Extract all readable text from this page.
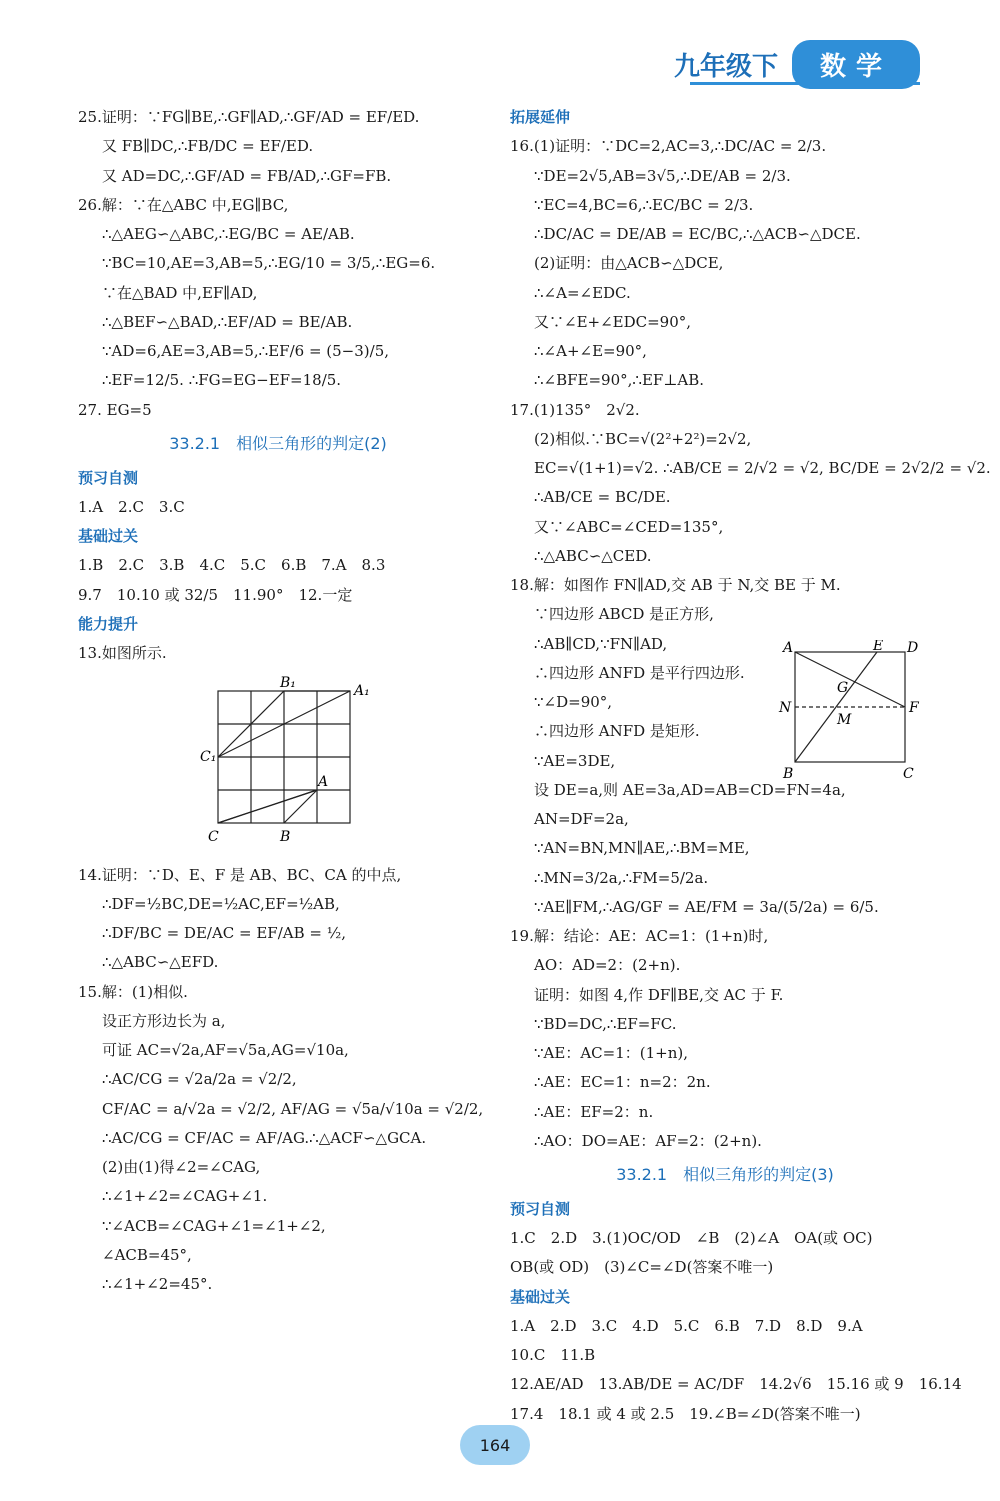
九年级下	数学
25.证明：∵FG∥BE,∴GF∥AD,∴GF/AD = EF/ED.
又 FB∥DC,∴FB/DC = EF/ED.
又 AD=DC,∴GF/AD = FB/AD,∴GF=FB.
26.解：∵在△ABC 中,EG∥BC,
∴△AEG∽△ABC,∴EG/BC = AE/AB.
∵BC=10,AE=3,AB=5,∴EG/10 = 3/5,∴EG=6.
∵在△BAD 中,EF∥AD,
∴△BEF∽△BAD,∴EF/AD = BE/AB.
∵AD=6,AE=3,AB=5,∴EF/6 = (5−3)/5,
∴EF=12/5. ∴FG=EG−EF=18/5.
27. EG=5
33.2.1　相似三角形的判定(2)
预习自测
1.A　2.C　3.C
基础过关
1.B　2.C　3.B　4.C　5.C　6.B　7.A　8.3
9.7　10.10 或 32/5　11.90°　12.一定
能力提升
13.如图所示.
B₁	A₁
C₁
A
C	B
14.证明：∵D、E、F 是 AB、BC、CA 的中点,
∴DF=½BC,DE=½AC,EF=½AB,
∴DF/BC = DE/AC = EF/AB = ½,
∴△ABC∽△EFD.
15.解：(1)相似.
设正方形边长为 a,
可证 AC=√2a,AF=√5a,AG=√10a,
∴AC/CG = √2a/2a = √2/2,
CF/AC = a/√2a = √2/2, AF/AG = √5a/√10a = √2/2,
∴AC/CG = CF/AC = AF/AG.∴△ACF∽△GCA.
(2)由(1)得∠2=∠CAG,
∴∠1+∠2=∠CAG+∠1.
∵∠ACB=∠CAG+∠1=∠1+∠2,
∠ACB=45°,
∴∠1+∠2=45°.
拓展延伸
16.(1)证明：∵DC=2,AC=3,∴DC/AC = 2/3.
∵DE=2√5,AB=3√5,∴DE/AB = 2/3.
∵EC=4,BC=6,∴EC/BC = 2/3.
∴DC/AC = DE/AB = EC/BC,∴△ACB∽△DCE.
(2)证明：由△ACB∽△DCE,
∴∠A=∠EDC.
又∵∠E+∠EDC=90°,
∴∠A+∠E=90°,
∴∠BFE=90°,∴EF⊥AB.
17.(1)135°　2√2.
(2)相似.∵BC=√(2²+2²)=2√2,
EC=√(1+1)=√2. ∴AB/CE = 2/√2 = √2, BC/DE = 2√2/2 = √2.
∴AB/CE = BC/DE.
又∵∠ABC=∠CED=135°,
∴△ABC∽△CED.
18.解：如图作 FN∥AD,交 AB 于 N,交 BE 于 M.
∵四边形 ABCD 是正方形,
∴AB∥CD,∵FN∥AD,
∴四边形 ANFD 是平行四边形.
∵∠D=90°,
∴四边形 ANFD 是矩形.
∵AE=3DE,
设 DE=a,则 AE=3a,AD=AB=CD=FN=4a,
AN=DF=2a,
∵AN=BN,MN∥AE,∴BM=ME,
∴MN=3/2a,∴FM=5/2a.
∵AE∥FM,∴AG/GF = AE/FM = 3a/(5/2a) = 6/5.
19.解：结论：AE：AC=1：(1+n)时,
AO：AD=2：(2+n).
证明：如图 4,作 DF∥BE,交 AC 于 F.
∵BD=DC,∴EF=FC.
∵AE：AC=1：(1+n),
∴AE：EC=1：n=2：2n.
∴AE：EF=2：n.
∴AO：DO=AE：AF=2：(2+n).
33.2.1　相似三角形的判定(3)
预习自测
1.C　2.D　3.(1)OC/OD　∠B　(2)∠A　OA(或 OC)
OB(或 OD)　(3)∠C=∠D(答案不唯一)
基础过关
1.A　2.D　3.C　4.D　5.C　6.B　7.D　8.D　9.A
10.C　11.B
12.AE/AD　13.AB/DE = AC/DF　14.2√6　15.16 或 9　16.14
17.4　18.1 或 4 或 2.5　19.∠B=∠D(答案不唯一)
A	E D
G
N
M
F
B	C
164
